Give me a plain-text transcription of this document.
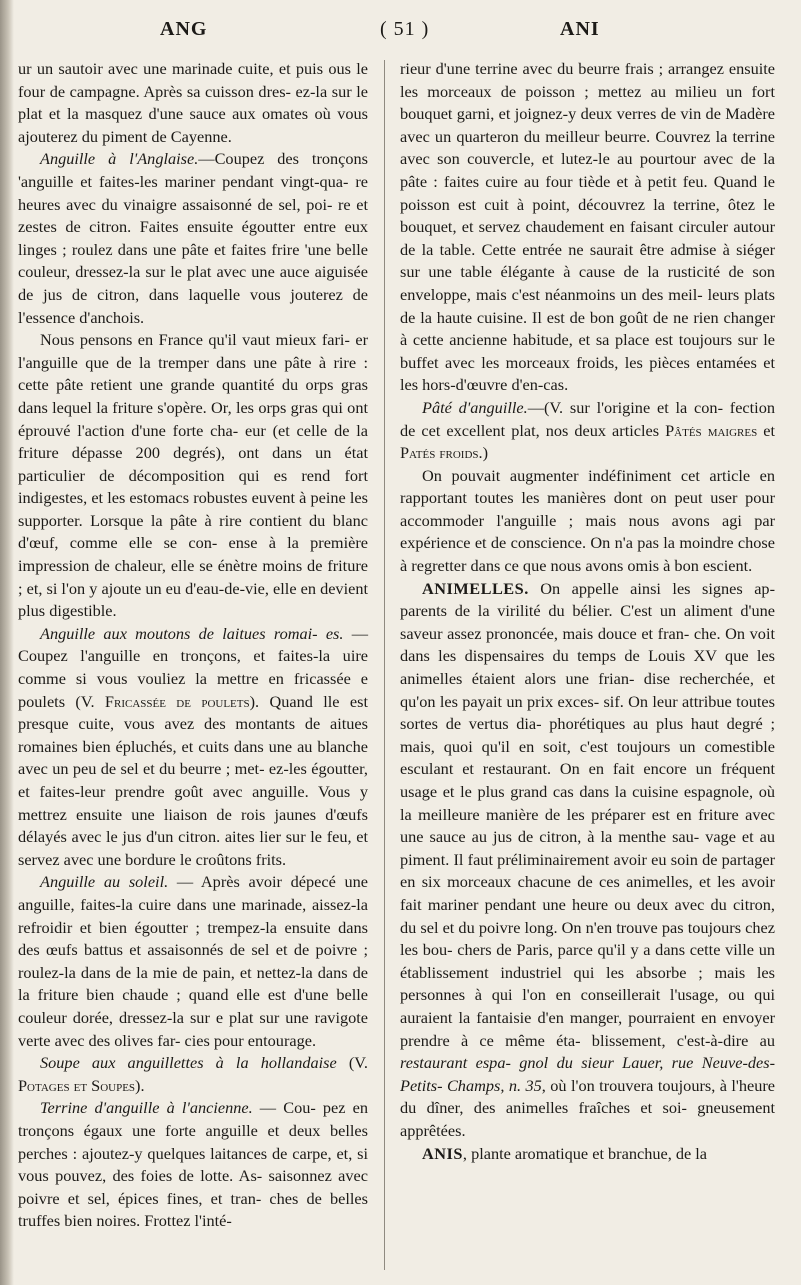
ANG	( 51 )	ANI

ur un sautoir avec une marinade cuite, et puis ous le four de campagne. Après sa cuisson dres- ez-la sur le plat et la masquez d'une sauce aux omates où vous ajouterez du piment de Cayenne.

Anguille à l'Anglaise.—Coupez des tronçons 'anguille et faites-les mariner pendant vingt-qua- re heures avec du vinaigre assaisonné de sel, poi- re et zestes de citron. Faites ensuite égoutter entre eux linges ; roulez dans une pâte et faites frire 'une belle couleur, dressez-la sur le plat avec une auce aiguisée de jus de citron, dans laquelle vous jouterez de l'essence d'anchois.

Nous pensons en France qu'il vaut mieux fari- er l'anguille que de la tremper dans une pâte à rire : cette pâte retient une grande quantité du orps gras dans lequel la friture s'opère. Or, les orps gras qui ont éprouvé l'action d'une forte cha- eur (et celle de la friture dépasse 200 degrés), ont dans un état particulier de décomposition qui es rend fort indigestes, et les estomacs robustes euvent à peine les supporter. Lorsque la pâte à rire contient du blanc d'œuf, comme elle se con- ense à la première impression de chaleur, elle se énètre moins de friture ; et, si l'on y ajoute un eu d'eau-de-vie, elle en devient plus digestible.

Anguille aux moutons de laitues romai- es. — Coupez l'anguille en tronçons, et faites-la uire comme si vous vouliez la mettre en fricassée e poulets (V. Fricassée de poulets). Quand lle est presque cuite, vous avez des montants de aitues romaines bien épluchés, et cuits dans une au blanche avec un peu de sel et du beurre ; met- ez-les égoutter, et faites-leur prendre goût avec anguille. Vous y mettrez ensuite une liaison de rois jaunes d'œufs délayés avec le jus d'un citron. aites lier sur le feu, et servez avec une bordure le croûtons frits.

Anguille au soleil. — Après avoir dépecé une anguille, faites-la cuire dans une marinade, aissez-la refroidir et bien égoutter ; trempez-la ensuite dans des œufs battus et assaisonnés de sel et de poivre ; roulez-la dans de la mie de pain, et nettez-la dans de la friture bien chaude ; quand elle est d'une belle couleur dorée, dressez-la sur e plat sur une ravigote verte avec des olives far- cies pour entourage.

Soupe aux anguillettes à la hollandaise (V. Potages et Soupes).

Terrine d'anguille à l'ancienne. — Cou- pez en tronçons égaux une forte anguille et deux belles perches : ajoutez-y quelques laitances de carpe, et, si vous pouvez, des foies de lotte. As- saisonnez avec poivre et sel, épices fines, et tran- ches de belles truffes bien noires. Frottez l'inté-

rieur d'une terrine avec du beurre frais ; arrangez ensuite les morceaux de poisson ; mettez au milieu un fort bouquet garni, et joignez-y deux verres de vin de Madère avec un quarteron du meilleur beurre. Couvrez la terrine avec son couvercle, et lutez-le au pourtour avec de la pâte : faites cuire au four tiède et à petit feu. Quand le poisson est cuit à point, découvrez la terrine, ôtez le bouquet, et servez chaudement en faisant circuler autour de la table. Cette entrée ne saurait être admise à siéger sur une table élégante à cause de la rusticité de son enveloppe, mais c'est néanmoins un des meil- leurs plats de la haute cuisine. Il est de bon goût de ne rien changer à cette ancienne habitude, et sa place est toujours sur le buffet avec les morceaux froids, les pièces entamées et les hors-d'œuvre d'en-cas.

Pâté d'anguille.—(V. sur l'origine et la con- fection de cet excellent plat, nos deux articles Pâtés maigres et Patés froids.)

On pouvait augmenter indéfiniment cet article en rapportant toutes les manières dont on peut user pour accommoder l'anguille ; mais nous avons agi par expérience et de conscience. On n'a pas la moindre chose à regretter dans ce que nous avons omis à bon escient.

ANIMELLES. On appelle ainsi les signes ap- parents de la virilité du bélier. C'est un aliment d'une saveur assez prononcée, mais douce et fran- che. On voit dans les dispensaires du temps de Louis XV que les animelles étaient alors une frian- dise recherchée, et qu'on les payait un prix exces- sif. On leur attribue toutes sortes de vertus dia- phorétiques au plus haut degré ; mais, quoi qu'il en soit, c'est toujours un comestible esculant et restaurant. On en fait encore un fréquent usage et le plus grand cas dans la cuisine espagnole, où la meilleure manière de les préparer est en friture avec une sauce au jus de citron, à la menthe sau- vage et au piment. Il faut préliminairement avoir eu soin de partager en six morceaux chacune de ces animelles, et les avoir fait mariner pendant une heure ou deux avec du citron, du sel et du poivre long. On n'en trouve pas toujours chez les bou- chers de Paris, parce qu'il y a dans cette ville un établissement industriel qui les absorbe ; mais les personnes à qui l'on en conseillerait l'usage, ou qui auraient la fantaisie d'en manger, pourraient en envoyer prendre à ce même éta- blissement, c'est-à-dire au restaurant espa- gnol du sieur Lauer, rue Neuve-des-Petits- Champs, n. 35, où l'on trouvera toujours, à l'heure du dîner, des animelles fraîches et soi- gneusement apprêtées.

ANIS, plante aromatique et branchue, de la
